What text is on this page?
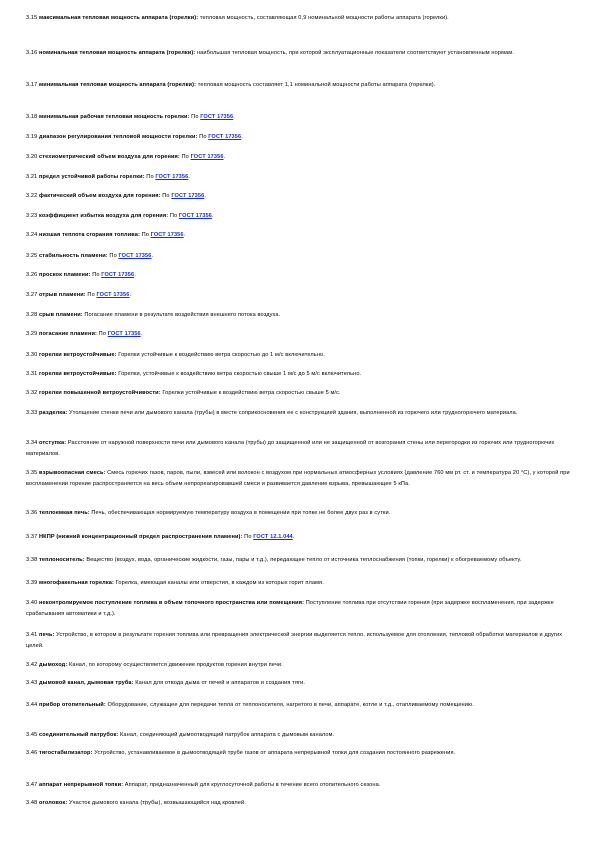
3.15 максимальная тепловая мощность аппарата (горелки): тепловая мощность, составляющая 0,9 номинальной мощности работы аппарата (горелки).
3.16 номинальная тепловая мощность аппарата (горелки): наибольшая тепловая мощность, при которой эксплуатационные показатели соответствуют установленным нормам.
3.17 минимальная тепловая мощность аппарата (горелки): тепловая мощность составляет 1,1 номинальной мощности работы аппарата (горелки).
3.18 минимальная рабочая тепловая мощность горелки: По ГОСТ 17356.
3.19 диапазон регулирования тепловой мощности горелки: По ГОСТ 17356.
3.20 стехиометрический объем воздуха для горения: По ГОСТ 17356.
3.21 предел устойчивой работы горелки: По ГОСТ 17356.
3.22 фактический объем воздуха для горения: По ГОСТ 17356.
3.23 коэффициент избытка воздуха для горения: По ГОСТ 17356.
3.24 низшая теплота сгорания топлива: По ГОСТ 17356.
3.25 стабильность пламени: По ГОСТ 17356.
3.26 проскок пламени: По ГОСТ 17356.
3.27 отрыв пламени: По ГОСТ 17356.
3.28 срыв пламени: Погасание пламени в результате воздействия внешнего потока воздуха.
3.29 погасание пламени: По ГОСТ 17356.
3.30 горелки ветроустойчивые: Горелки устойчивые к воздействию ветра скоростью до 1 м/с включительно.
3.31 горелки ветроустойчивые: Горелки, устойчивые к воздействию ветра скоростью свыше 1 м/с до 5 м/с включительно.
3.32 горелки повышенной ветроустойчивости: Горелки устойчивые к воздействию ветра скоростью свыше 5 м/с.
3.33 разделка: Утолщение стенки печи или дымового канала (трубы) в месте соприкосновения ее с конструкцией здания, выполненной из горючего или трудногорючего материала.
3.34 отступка: Расстояние от наружной поверхности печи или дымового канала (трубы) до защищенной или не защищенной от возгорания стены или перегородки из горючих или трудногорючих материалов.
3.35 взрывоопасная смесь: Смесь горючих газов, паров, пыли, взвесей или волокон с воздухом при нормальных атмосферных условиях (давление 760 мм рт. ст. и температура 20 °C), у которой при воспламенении горение распространяется на весь объем непрореагировавшей смеси и развивается давление взрыва, превышающее 5 кПа.
3.36 теплоемкая печь: Печь, обеспечивающая нормируемую температуру воздуха в помещении при топке не более двух раз в сутки.
3.37 НКПР (нижний концентрационный предел распространения пламени): По ГОСТ 12.1.044.
3.38 теплоноситель: Вещество (воздух, вода, органические жидкости, газы, пары и т.д.), передающее тепло от источника теплоснабжения (топки, горелки) к обогреваемому объекту.
3.39 многофакельная горелка: Горелка, имеющая каналы или отверстия, в каждом из которых горит пламя.
3.40 неконтролируемое поступление топлива в объем топочного пространства или помещения: Поступление топлива при отсутствии горения (при задержке воспламенения, при задержке срабатывания автоматики и т.д.).
3.41 печь: Устройство, в котором в результате горения топлива или превращения электрической энергии выделяется тепло, используемое для отопления, тепловой обработки материалов и других целей.
3.42 дымоход: Канал, по которому осуществляется движение продуктов горения внутри печи.
3.43 дымовой канал, дымовая труба: Канал для отвода дыма от печей и аппаратов и создания тяги.
3.44 прибор отопительный: Оборудование, служащее для передачи тепла от теплоносителя, нагретого в печи, аппарате, котле и т.д., отапливаемому помещению.
3.45 соединительный патрубок: Канал, соединяющий дымоотводящий патрубок аппарата с дымовым каналом.
3.46 тягостабилизатор: Устройство, устанавливаемое в дымоотводящей трубе газов от аппарата непрерывной топки для создания постоянного разрежения.
3.47 аппарат непрерывной топки: Аппарат, предназначенный для круглосуточной работы в течение всего отопительного сезона.
3.48 оголовок: Участок дымового канала (трубы), возвышающийся над кровлей.
